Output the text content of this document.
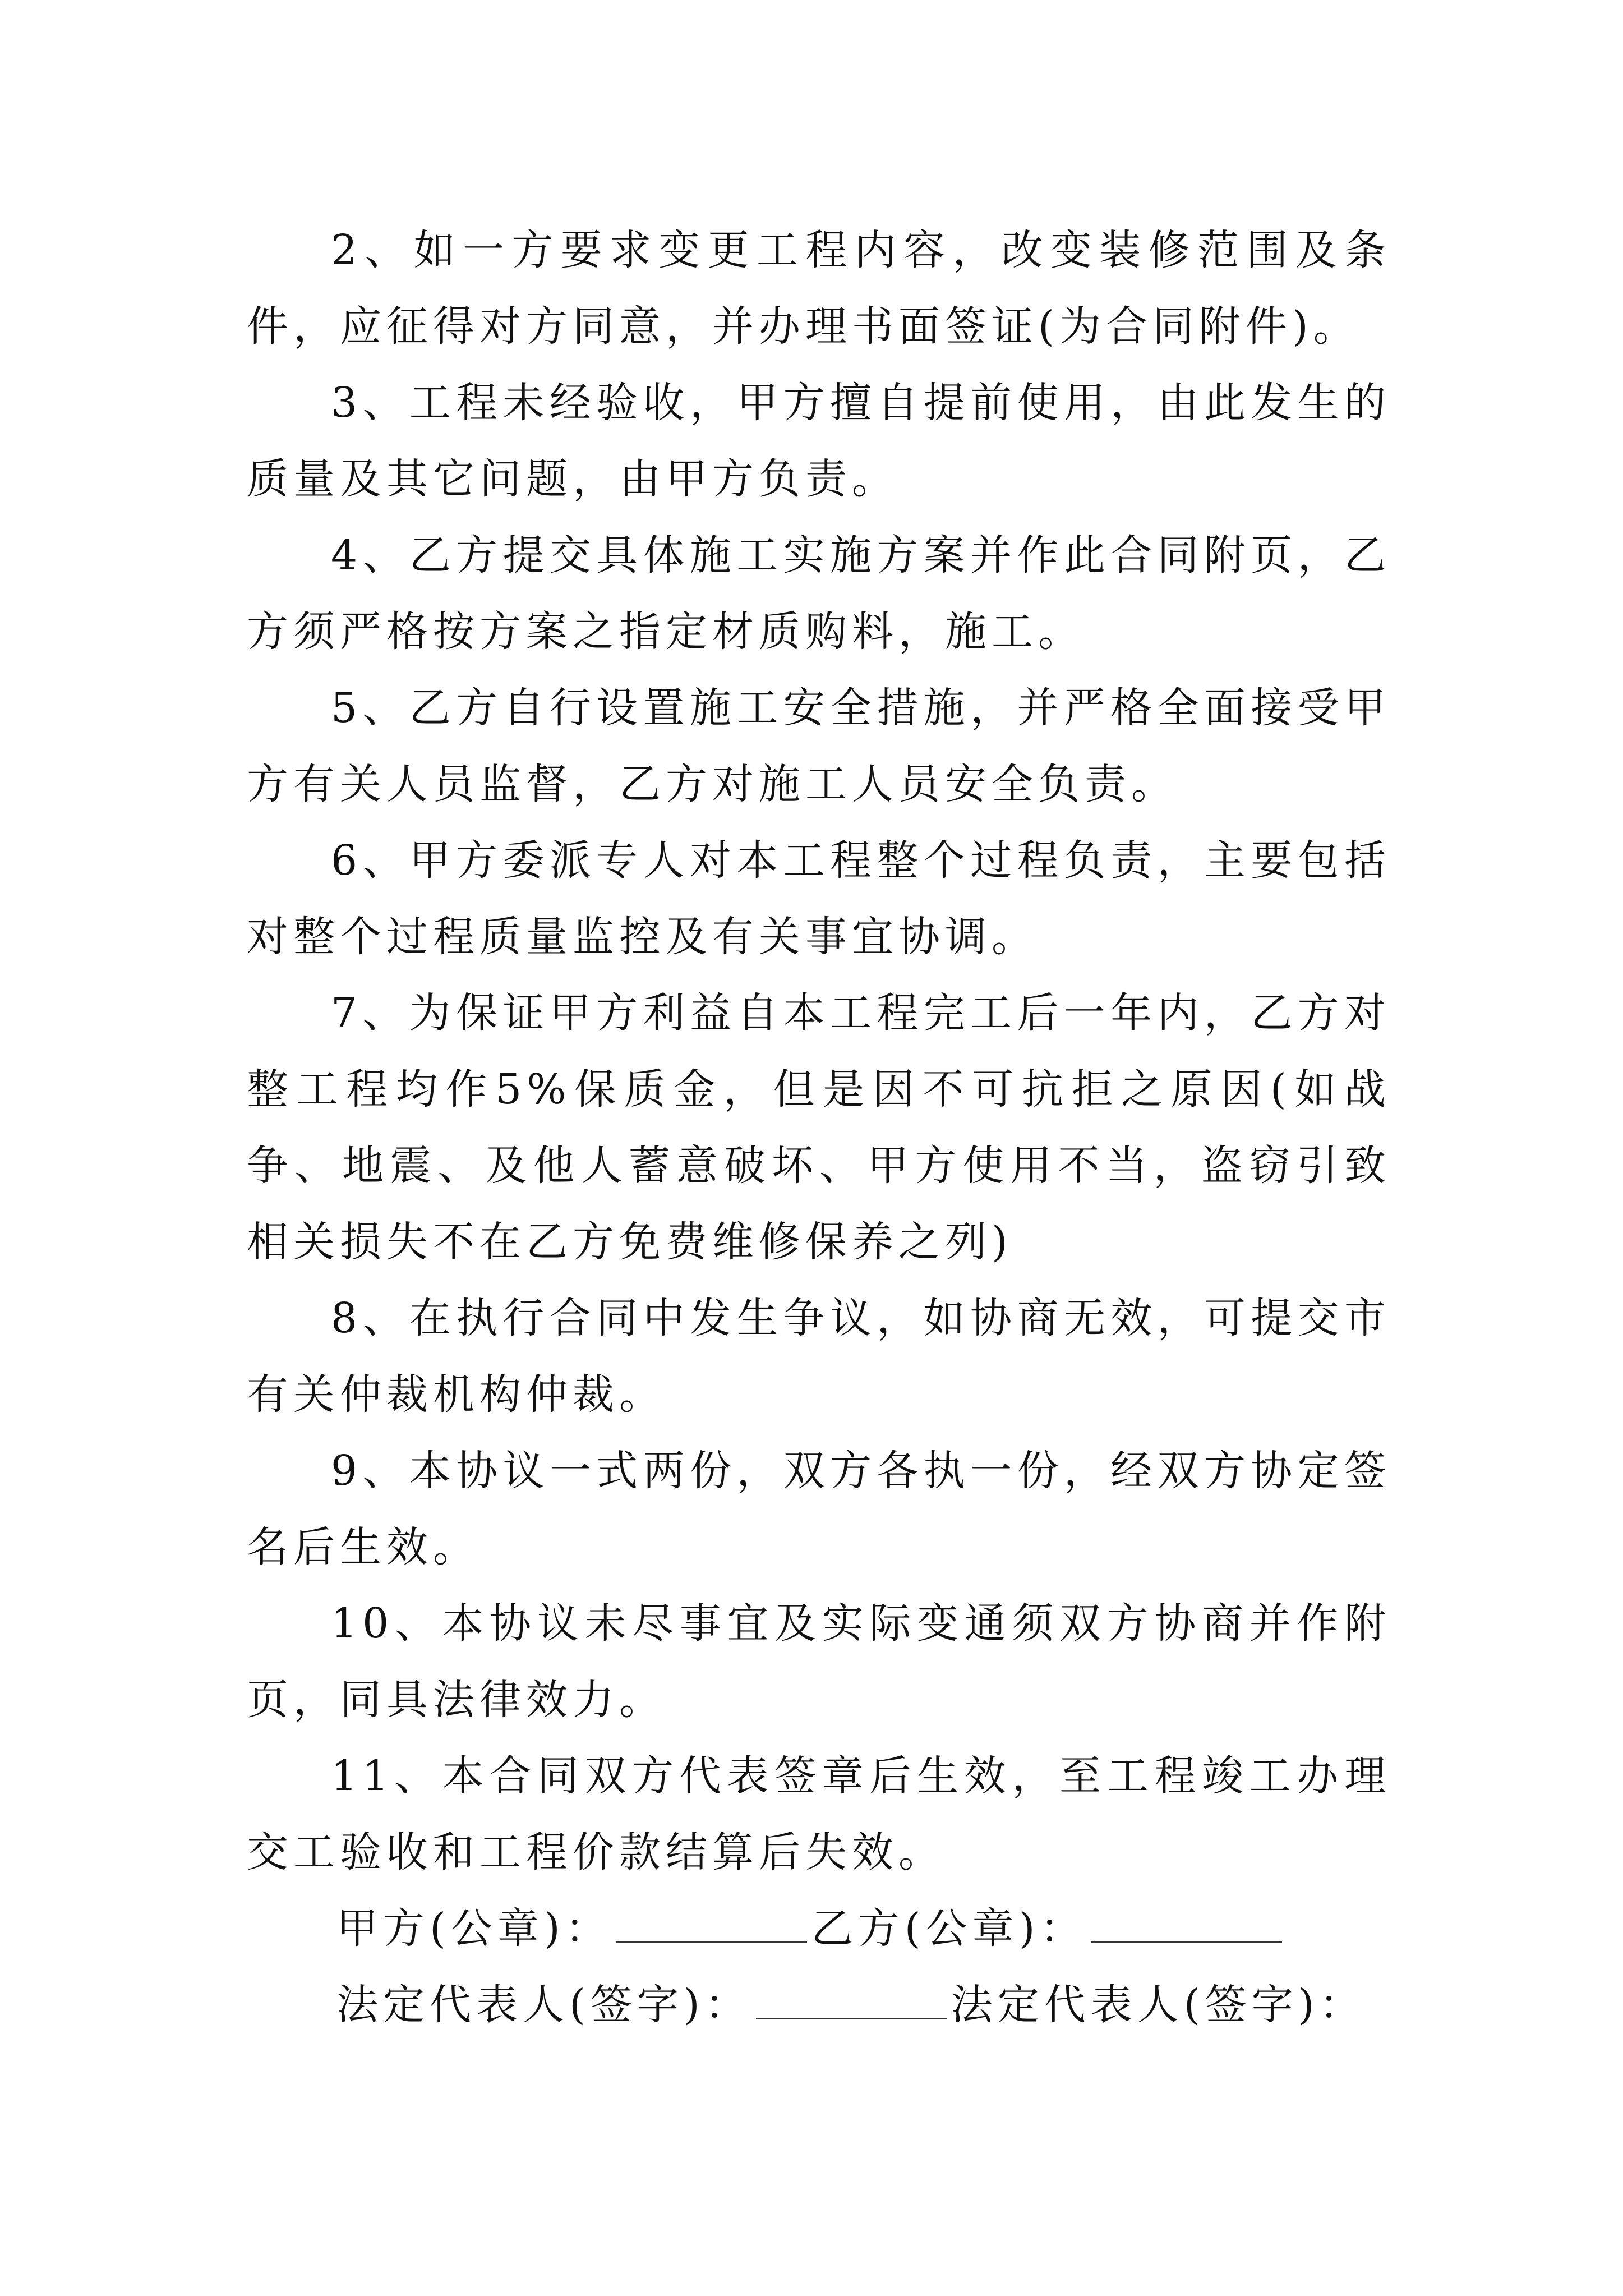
2、如一方要求变更工程内容，改变装修范围及条件，应征得对方同意，并办理书面签证(为合同附件)。

3、工程未经验收，甲方擅自提前使用，由此发生的质量及其它问题，由甲方负责。

4、乙方提交具体施工实施方案并作此合同附页，乙方须严格按方案之指定材质购料，施工。

5、乙方自行设置施工安全措施，并严格全面接受甲方有关人员监督，乙方对施工人员安全负责。

6、甲方委派专人对本工程整个过程负责，主要包括对整个过程质量监控及有关事宜协调。

7、为保证甲方利益自本工程完工后一年内，乙方对整工程均作5%保质金，但是因不可抗拒之原因(如战争、地震、及他人蓄意破坏、甲方使用不当，盗窃引致相关损失不在乙方免费维修保养之列)

8、在执行合同中发生争议，如协商无效，可提交市有关仲裁机构仲裁。

9、本协议一式两份，双方各执一份，经双方协定签名后生效。

10、本协议未尽事宜及实际变通须双方协商并作附页，同具法律效力。

11、本合同双方代表签章后生效，至工程竣工办理交工验收和工程价款结算后失效。

甲方(公章)：	乙方(公章)：
法定代表人(签字)：	法定代表人(签字)：
